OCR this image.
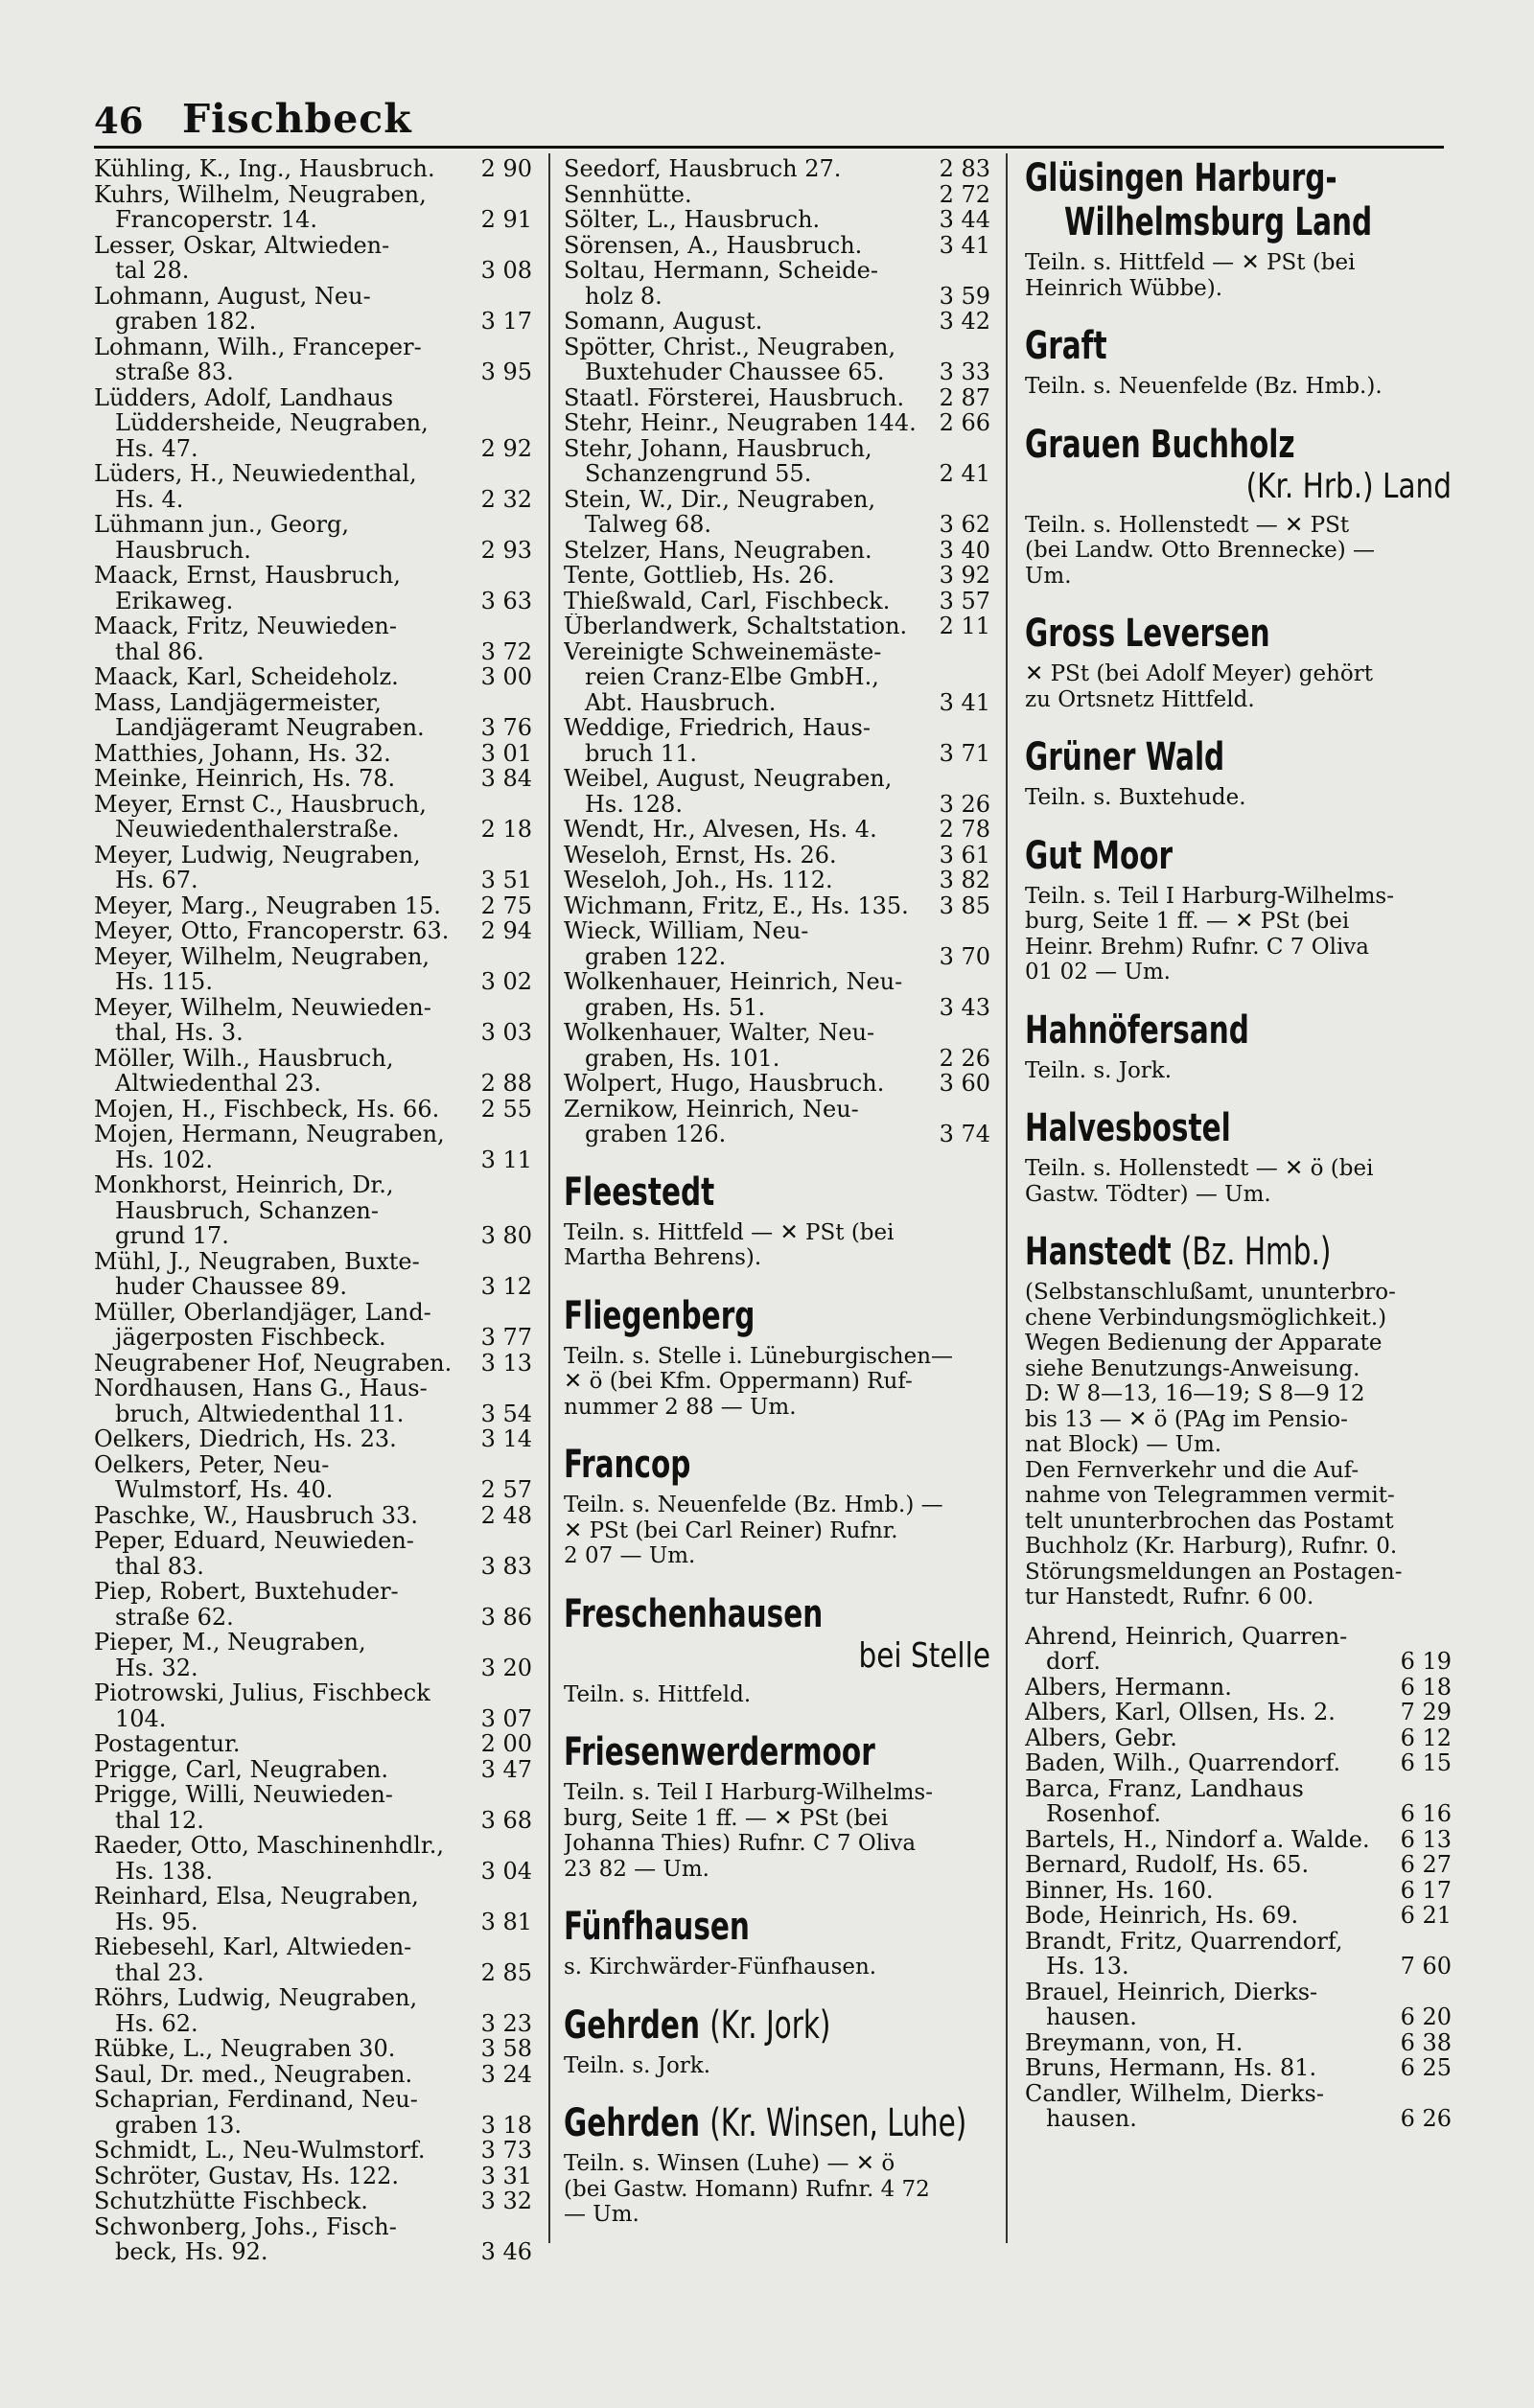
46 Fischbeck
Kühling, K., Ing., Hausbruch.	2 90
Kuhrs, Wilhelm, Neugraben,
Francoperstr. 14.	2 91
Lesser, Oskar, Altwieden-
tal 28.	3 08
Lohmann, August, Neu-
graben 182.	3 17
Lohmann, Wilh., Franceper-
straße 83.	3 95
Lüdders, Adolf, Landhaus
Lüddersheide, Neugraben,
Hs. 47.	2 92
Lüders, H., Neuwiedenthal,
Hs. 4.	2 32
Lühmann jun., Georg,
Hausbruch.	2 93
Maack, Ernst, Hausbruch,
Erikaweg.	3 63
Maack, Fritz, Neuwieden-
thal 86.	3 72
Maack, Karl, Scheideholz.	3 00
Mass, Landjägermeister,
Landjägeramt Neugraben.	3 76
Matthies, Johann, Hs. 32.	3 01
Meinke, Heinrich, Hs. 78.	3 84
Meyer, Ernst C., Hausbruch,
Neuwiedenthalerstraße.	2 18
Meyer, Ludwig, Neugraben,
Hs. 67.	3 51
Meyer, Marg., Neugraben 15.	2 75
Meyer, Otto, Francoperstr. 63.	2 94
Meyer, Wilhelm, Neugraben,
Hs. 115.	3 02
Meyer, Wilhelm, Neuwieden-
thal, Hs. 3.	3 03
Möller, Wilh., Hausbruch,
Altwiedenthal 23.	2 88
Mojen, H., Fischbeck, Hs. 66.	2 55
Mojen, Hermann, Neugraben,
Hs. 102.	3 11
Monkhorst, Heinrich, Dr.,
Hausbruch, Schanzen-
grund 17.	3 80
Mühl, J., Neugraben, Buxte-
huder Chaussee 89.	3 12
Müller, Oberlandjäger, Land-
jägerposten Fischbeck.	3 77
Neugrabener Hof, Neugraben.	3 13
Nordhausen, Hans G., Haus-
bruch, Altwiedenthal 11.	3 54
Oelkers, Diedrich, Hs. 23.	3 14
Oelkers, Peter, Neu-
Wulmstorf, Hs. 40.	2 57
Paschke, W., Hausbruch 33.	2 48
Peper, Eduard, Neuwieden-
thal 83.	3 83
Piep, Robert, Buxtehuder-
straße 62.	3 86
Pieper, M., Neugraben,
Hs. 32.	3 20
Piotrowski, Julius, Fischbeck
104.	3 07
Postagentur.	2 00
Prigge, Carl, Neugraben.	3 47
Prigge, Willi, Neuwieden-
thal 12.	3 68
Raeder, Otto, Maschinenhdlr.,
Hs. 138.	3 04
Reinhard, Elsa, Neugraben,
Hs. 95.	3 81
Riebesehl, Karl, Altwieden-
thal 23.	2 85
Röhrs, Ludwig, Neugraben,
Hs. 62.	3 23
Rübke, L., Neugraben 30.	3 58
Saul, Dr. med., Neugraben.	3 24
Schaprian, Ferdinand, Neu-
graben 13.	3 18
Schmidt, L., Neu-Wulmstorf.	3 73
Schröter, Gustav, Hs. 122.	3 31
Schutzhütte Fischbeck.	3 32
Schwonberg, Johs., Fisch-
beck, Hs. 92.	3 46
Seedorf, Hausbruch 27.	2 83
Sennhütte.	2 72
Sölter, L., Hausbruch.	3 44
Sörensen, A., Hausbruch.	3 41
Soltau, Hermann, Scheide-
holz 8.	3 59
Somann, August.	3 42
Spötter, Christ., Neugraben,
Buxtehuder Chaussee 65.	3 33
Staatl. Försterei, Hausbruch.	2 87
Stehr, Heinr., Neugraben 144. 2 66
Stehr, Johann, Hausbruch,
Schanzengrund 55.	2 41
Stein, W., Dir., Neugraben,
Talweg 68.	3 62
Stelzer, Hans, Neugraben.	3 40
Tente, Gottlieb, Hs. 26.	3 92
Thießwald, Carl, Fischbeck.	3 57
Überlandwerk, Schaltstation.	2 11
Vereinigte Schweinemäste-
reien Cranz-Elbe GmbH.,
Abt. Hausbruch.	3 41
Weddige, Friedrich, Haus-
bruch 11.	3 71
Weibel, August, Neugraben,
Hs. 128.	3 26
Wendt, Hr., Alvesen, Hs. 4.	2 78
Weseloh, Ernst, Hs. 26.	3 61
Weseloh, Joh., Hs. 112.	3 82
Wichmann, Fritz, E., Hs. 135.	3 85
Wieck, William, Neu-
graben 122.	3 70
Wolkenhauer, Heinrich, Neu-
graben, Hs. 51.	3 43
Wolkenhauer, Walter, Neu-
graben, Hs. 101.	2 26
Wolpert, Hugo, Hausbruch.	3 60
Zernikow, Heinrich, Neu-
graben 126.	3 74
Fleestedt
Teiln. s. Hittfeld — ✕ PSt (bei
Martha Behrens).
Fliegenberg
Teiln. s. Stelle i. Lüneburgischen—
✕ ö (bei Kfm. Oppermann) Ruf-
nummer 2 88 — Um.
Francop
Teiln. s. Neuenfelde (Bz. Hmb.) —
✕ PSt (bei Carl Reiner) Rufnr.
2 07 — Um.
Freschenhausen
bei Stelle
Teiln. s. Hittfeld.
Friesenwerdermoor
Teiln. s. Teil I Harburg-Wilhelms-
burg, Seite 1 ff. — ✕ PSt (bei
Johanna Thies) Rufnr. C 7 Oliva
23 82 — Um.
Fünfhausen
s. Kirchwärder-Fünfhausen.
Gehrden (Kr. Jork)
Teiln. s. Jork.
Gehrden (Kr. Winsen, Luhe)
Teiln. s. Winsen (Luhe) — ✕ ö
(bei Gastw. Homann) Rufnr. 4 72
— Um.
Glüsingen Harburg-
Wilhelmsburg Land
Teiln. s. Hittfeld — ✕ PSt (bei
Heinrich Wübbe).
Graft
Teiln. s. Neuenfelde (Bz. Hmb.).
Grauen Buchholz
(Kr. Hrb.) Land
Teiln. s. Hollenstedt — ✕ PSt
(bei Landw. Otto Brennecke) —
Um.
Gross Leversen
✕ PSt (bei Adolf Meyer) gehört
zu Ortsnetz Hittfeld.
Grüner Wald
Teiln. s. Buxtehude.
Gut Moor
Teiln. s. Teil I Harburg-Wilhelms-
burg, Seite 1 ff. — ✕ PSt (bei
Heinr. Brehm) Rufnr. C 7 Oliva
01 02 — Um.
Hahnöfersand
Teiln. s. Jork.
Halvesbostel
Teiln. s. Hollenstedt — ✕ ö (bei
Gastw. Tödter) — Um.
Hanstedt (Bz. Hmb.)
(Selbstanschlußamt, ununterbro-
chene Verbindungsmöglichkeit.)
Wegen Bedienung der Apparate
siehe Benutzungs-Anweisung.
D: W 8—13, 16—19; S 8—9 12
bis 13 — ✕ ö (PAg im Pensio-
nat Block) — Um.
Den Fernverkehr und die Auf-
nahme von Telegrammen vermit-
telt ununterbrochen das Postamt
Buchholz (Kr. Harburg), Rufnr. 0.
Störungsmeldungen an Postagen-
tur Hanstedt, Rufnr. 6 00.
Ahrend, Heinrich, Quarren-
dorf.	6 19
Albers, Hermann.	6 18
Albers, Karl, Ollsen, Hs. 2.	7 29
Albers, Gebr.	6 12
Baden, Wilh., Quarrendorf.	6 15
Barca, Franz, Landhaus
Rosenhof.	6 16
Bartels, H., Nindorf a. Walde.	6 13
Bernard, Rudolf, Hs. 65.	6 27
Binner, Hs. 160.	6 17
Bode, Heinrich, Hs. 69.	6 21
Brandt, Fritz, Quarrendorf,
Hs. 13.	7 60
Brauel, Heinrich, Dierks-
hausen.	6 20
Breymann, von, H.	6 38
Bruns, Hermann, Hs. 81.	6 25
Candler, Wilhelm, Dierks-
hausen.	6 26
